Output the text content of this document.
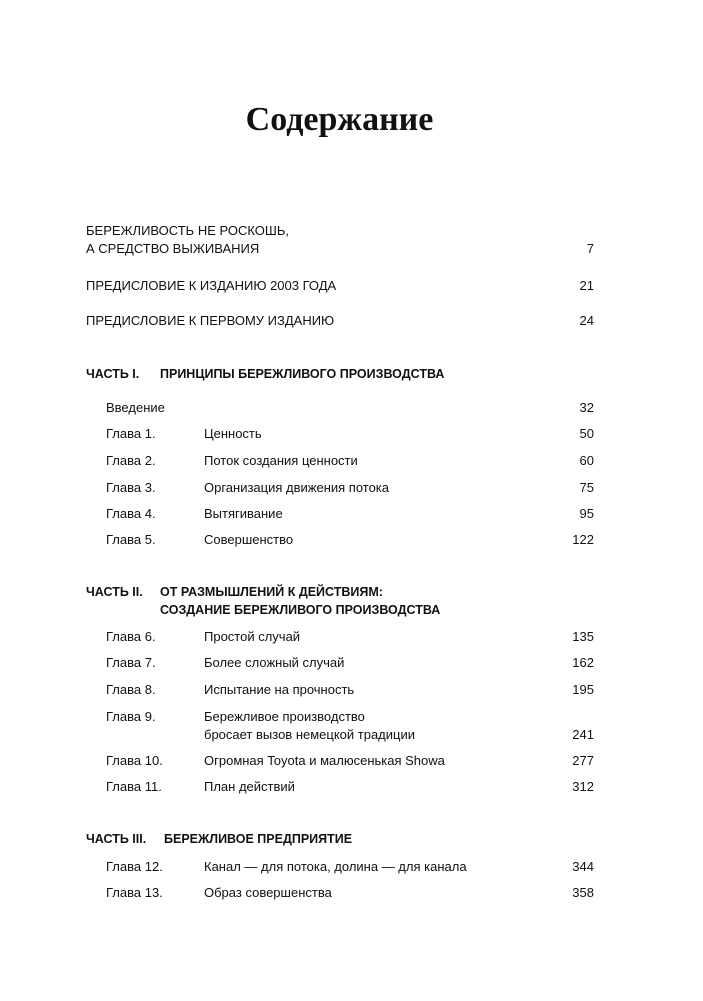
Содержание
БЕРЕЖЛИВОСТЬ НЕ РОСКОШЬ,
А СРЕДСТВО ВЫЖИВАНИЯ	7
ПРЕДИСЛОВИЕ К ИЗДАНИЮ 2003 ГОДА	21
ПРЕДИСЛОВИЕ К ПЕРВОМУ ИЗДАНИЮ	24
ЧАСТЬ I. ПРИНЦИПЫ БЕРЕЖЛИВОГО ПРОИЗВОДСТВА
Введение	32
Глава 1.	Ценность	50
Глава 2.	Поток создания ценности	60
Глава 3.	Организация движения потока	75
Глава 4.	Вытягивание	95
Глава 5.	Совершенство	122
ЧАСТЬ II. ОТ РАЗМЫШЛЕНИЙ К ДЕЙСТВИЯМ:
СОЗДАНИЕ БЕРЕЖЛИВОГО ПРОИЗВОДСТВА
Глава 6.	Простой случай	135
Глава 7.	Более сложный случай	162
Глава 8.	Испытание на прочность	195
Глава 9.	Бережливое производство
бросает вызов немецкой традиции	241
Глава 10.	Огромная Toyota и малюсенькая Showa	277
Глава 11.	План действий	312
ЧАСТЬ III. БЕРЕЖЛИВОЕ ПРЕДПРИЯТИЕ
Глава 12.	Канал — для потока, долина — для канала	344
Глава 13.	Образ совершенства	358
